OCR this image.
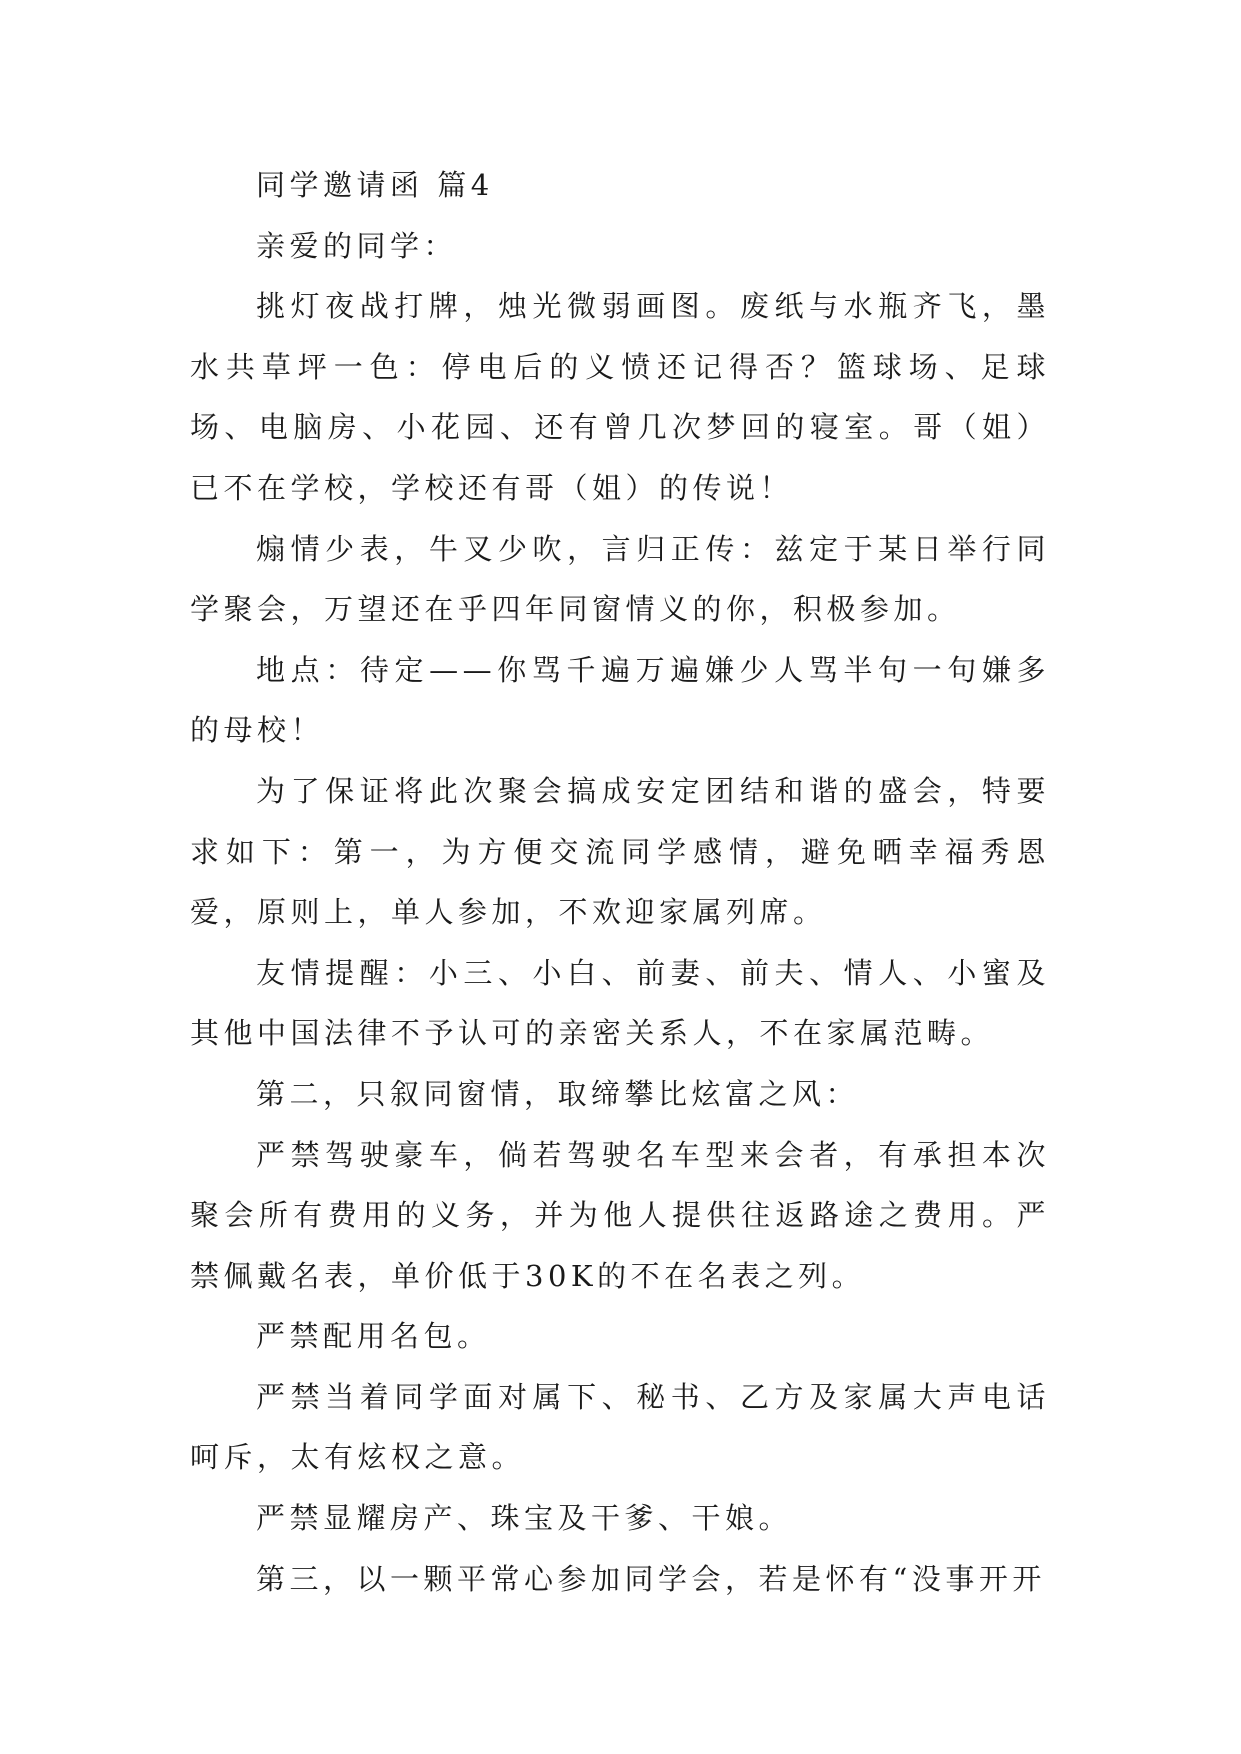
同学邀请函 篇4

亲爱的同学：

挑灯夜战打牌，烛光微弱画图。废纸与水瓶齐飞，墨水共草坪一色：停电后的义愤还记得否？篮球场、足球场、电脑房、小花园、还有曾几次梦回的寝室。哥（姐）已不在学校，学校还有哥（姐）的传说！

煽情少表，牛叉少吹，言归正传：兹定于某日举行同学聚会，万望还在乎四年同窗情义的你，积极参加。

地点：待定——你骂千遍万遍嫌少人骂半句一句嫌多的母校！

为了保证将此次聚会搞成安定团结和谐的盛会，特要求如下：第一，为方便交流同学感情，避免晒幸福秀恩爱，原则上，单人参加，不欢迎家属列席。

友情提醒：小三、小白、前妻、前夫、情人、小蜜及其他中国法律不予认可的亲密关系人，不在家属范畴。

第二，只叙同窗情，取缔攀比炫富之风：

严禁驾驶豪车，倘若驾驶名车型来会者，有承担本次聚会所有费用的义务，并为他人提供往返路途之费用。严禁佩戴名表，单价低于30K的不在名表之列。

严禁配用名包。

严禁当着同学面对属下、秘书、乙方及家属大声电话呵斥，太有炫权之意。

严禁显耀房产、珠宝及干爹、干娘。

第三，以一颗平常心参加同学会，若是怀有“没事开开
